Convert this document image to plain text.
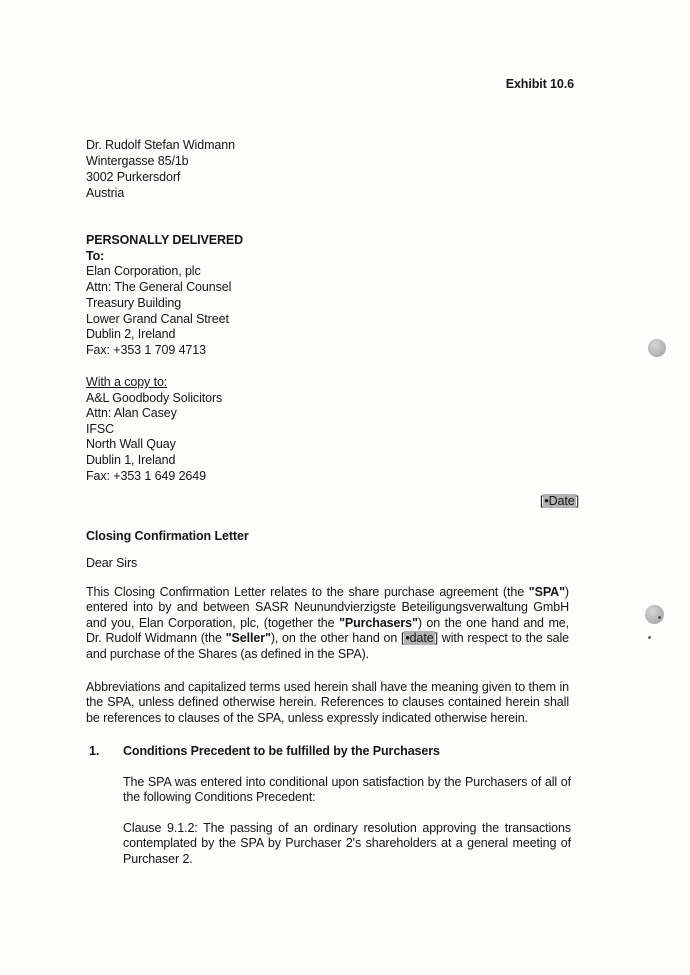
Exhibit 10.6
Dr. Rudolf Stefan Widmann
Wintergasse 85/1b
3002 Purkersdorf
Austria
PERSONALLY DELIVERED
To:
Elan Corporation, plc
Attn: The General Counsel
Treasury Building
Lower Grand Canal Street
Dublin 2, Ireland
Fax: +353 1 709 4713
With a copy to:
A&L Goodbody Solicitors
Attn: Alan Casey
IFSC
North Wall Quay
Dublin 1, Ireland
Fax: +353 1 649 2649
[•Date]
Closing Confirmation Letter
Dear Sirs

This Closing Confirmation Letter relates to the share purchase agreement (the "SPA") entered into by and between SASR Neunundvierzigste Beteiligungsverwaltung GmbH and you, Elan Corporation, plc, (together the "Purchasers") on the one hand and me, Dr. Rudolf Widmann (the "Seller"), on the other hand on [•date] with respect to the sale and purchase of the Shares (as defined in the SPA).

Abbreviations and capitalized terms used herein shall have the meaning given to them in the SPA, unless defined otherwise herein. References to clauses contained herein shall be references to clauses of the SPA, unless expressly indicated otherwise herein.

1. Conditions Precedent to be fulfilled by the Purchasers

The SPA was entered into conditional upon satisfaction by the Purchasers of all of the following Conditions Precedent:

Clause 9.1.2: The passing of an ordinary resolution approving the transactions contemplated by the SPA by Purchaser 2's shareholders at a general meeting of Purchaser 2.
